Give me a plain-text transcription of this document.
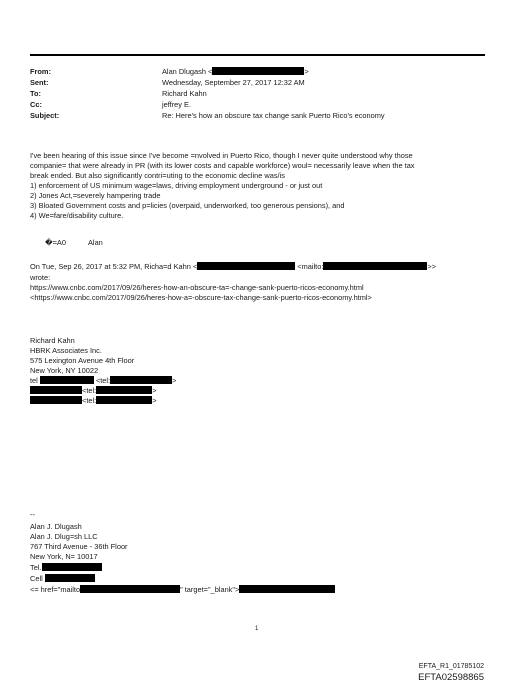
From:	Alan Dlugash <	>
Sent:	Wednesday, September 27, 2017 12:32 AM
To:	Richard Kahn
Cc:	jeffrey E.
Subject:	Re: Here's how an obscure tax change sank Puerto Rico's economy
I've been hearing of this issue since I've become =nvolved in Puerto Rico, though I never quite understood why those
companie= that were already in PR (with its lower costs and capable workforce) woul= necessarily leave when the tax
break ended. But also significantly contri=uting to the economic decline was/is
1) enforcement of US minimum wage=laws, driving employment underground - or just out
2) Jones Act,=severely hampering trade
3) Bloated Government costs and p=licies (overpaid, underworked, too generous pensions), and
4) We=fare/disability culture.
�=A0	Alan
On Tue, Sep 26, 2017 at 5:32 PM, Richa=d Kahn <	<mailto:	>>
wrote:
https://www.cnbc.com/2017/09/26/heres-how-an-obscure-ta=-change-sank-puerto-ricos-economy.html
<https://www.cnbc.com/2017/09/26/heres-how-a=-obscure-tax-change-sank-puerto-ricos-economy.html>
Richard Kahn
HBRK Associates Inc.
575 Lexington Avenue 4th Floor
New York, NY 10022
tel	<tel:	>
<tel:	>
<tel:	>
--
Alan J. Dlugash
Alan J. Dlug=sh LLC
767 Third Avenue - 36th Floor
New York, N= 10017
Tel.
Cell
<= href="mailto	" target="_blank">
1
EFTA_R1_01785102
EFTA02598865
